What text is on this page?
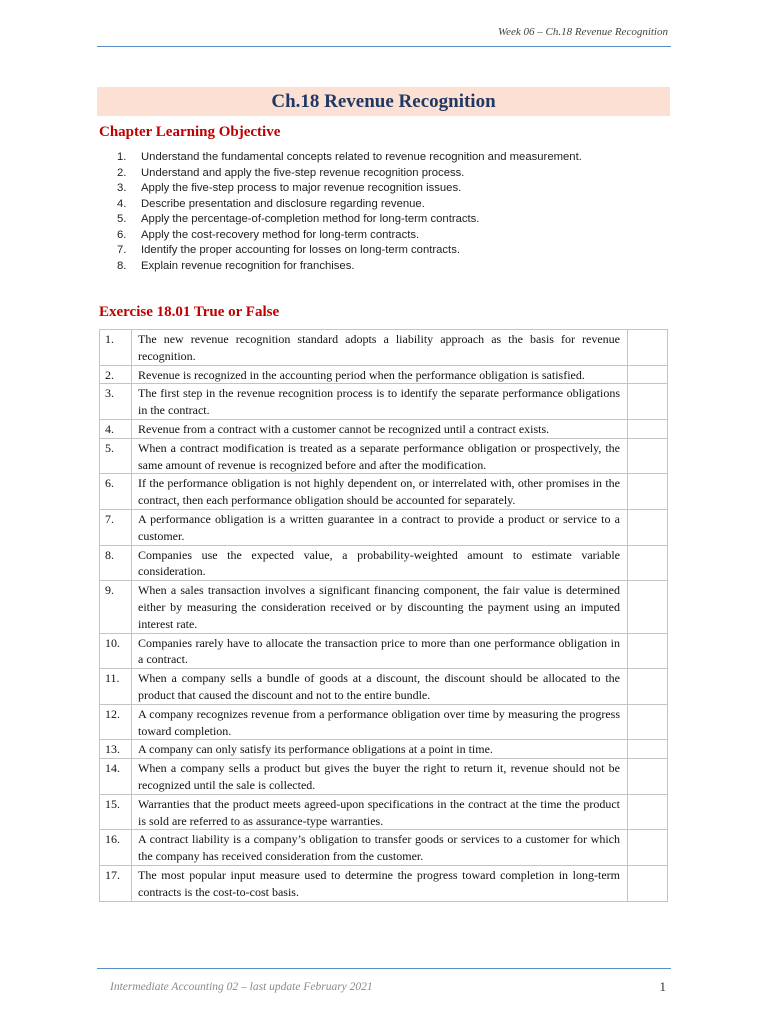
Week 06 – Ch.18 Revenue Recognition
Ch.18 Revenue Recognition
Chapter Learning Objective
1. Understand the fundamental concepts related to revenue recognition and measurement.
2. Understand and apply the five-step revenue recognition process.
3. Apply the five-step process to major revenue recognition issues.
4. Describe presentation and disclosure regarding revenue.
5. Apply the percentage-of-completion method for long-term contracts.
6. Apply the cost-recovery method for long-term contracts.
7. Identify the proper accounting for losses on long-term contracts.
8. Explain revenue recognition for franchises.
Exercise 18.01 True or False
1.	The new revenue recognition standard adopts a liability approach as the basis for revenue recognition.	
2.	Revenue is recognized in the accounting period when the performance obligation is satisfied.	
3.	The first step in the revenue recognition process is to identify the separate performance obligations in the contract.	
4.	Revenue from a contract with a customer cannot be recognized until a contract exists.	
5.	When a contract modification is treated as a separate performance obligation or prospectively, the same amount of revenue is recognized before and after the modification.	
6.	If the performance obligation is not highly dependent on, or interrelated with, other promises in the contract, then each performance obligation should be accounted for separately.	
7.	A performance obligation is a written guarantee in a contract to provide a product or service to a customer.	
8.	Companies use the expected value, a probability-weighted amount to estimate variable consideration.	
9.	When a sales transaction involves a significant financing component, the fair value is determined either by measuring the consideration received or by discounting the payment using an imputed interest rate.	
10.	Companies rarely have to allocate the transaction price to more than one performance obligation in a contract.	
11.	When a company sells a bundle of goods at a discount, the discount should be allocated to the product that caused the discount and not to the entire bundle.	
12.	A company recognizes revenue from a performance obligation over time by measuring the progress toward completion.	
13.	A company can only satisfy its performance obligations at a point in time.	
14.	When a company sells a product but gives the buyer the right to return it, revenue should not be recognized until the sale is collected.	
15.	Warranties that the product meets agreed-upon specifications in the contract at the time the product is sold are referred to as assurance-type warranties.	
16.	A contract liability is a company’s obligation to transfer goods or services to a customer for which the company has received consideration from the customer.	
17.	The most popular input measure used to determine the progress toward completion in long-term contracts is the cost-to-cost basis.	
Intermediate Accounting 02 – last update February 2021	1
